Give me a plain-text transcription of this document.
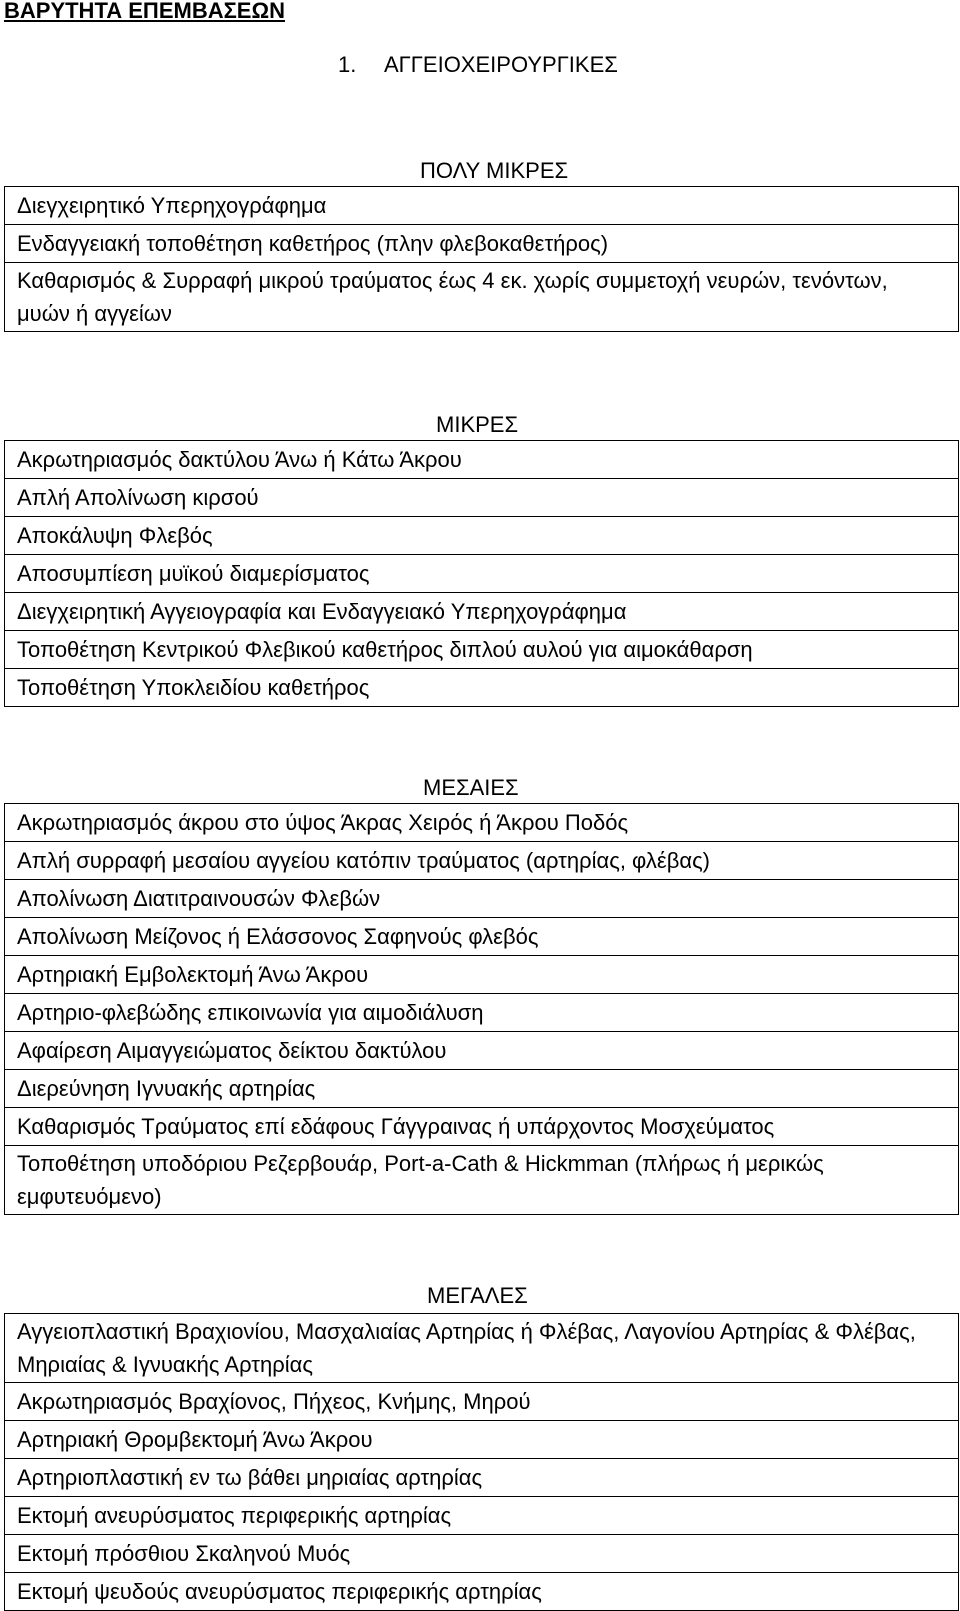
ΒΑΡΥΤΗΤΑ ΕΠΕΜΒΑΣΕΩΝ
1. ΑΓΓΕΙΟΧΕΙΡΟΥΡΓΙΚΕΣ
ΠΟΛΥ ΜΙΚΡΕΣ
Διεγχειρητικό Υπερηχογράφημα
Ενδαγγειακή τοποθέτηση καθετήρος (πλην φλεβοκαθετήρος)
Καθαρισμός & Συρραφή μικρού τραύματος έως 4 εκ. χωρίς συμμετοχή νευρών, τενόντων, μυών ή αγγείων
ΜΙΚΡΕΣ
Ακρωτηριασμός δακτύλου Άνω ή Κάτω Άκρου
Απλή Απολίνωση κιρσού
Αποκάλυψη Φλεβός
Αποσυμπίεση μυϊκού διαμερίσματος
Διεγχειρητική Αγγειογραφία και Ενδαγγειακό Υπερηχογράφημα
Τοποθέτηση Κεντρικού Φλεβικού καθετήρος διπλού αυλού για αιμοκάθαρση
Τοποθέτηση Υποκλειδίου καθετήρος
ΜΕΣΑΙΕΣ
Ακρωτηριασμός άκρου στο ύψος Άκρας Χειρός ή Άκρου Ποδός
Απλή συρραφή μεσαίου αγγείου κατόπιν τραύματος (αρτηρίας, φλέβας)
Απολίνωση Διατιτραινουσών Φλεβών
Απολίνωση Μείζονος ή Ελάσσονος Σαφηνούς φλεβός
Αρτηριακή Εμβολεκτομή Άνω Άκρου
Αρτηριο-φλεβώδης επικοινωνία για αιμοδιάλυση
Αφαίρεση Αιμαγγειώματος δείκτου δακτύλου
Διερεύνηση Ιγνυακής αρτηρίας
Καθαρισμός Τραύματος επί εδάφους Γάγγραινας ή υπάρχοντος Μοσχεύματος
Τοποθέτηση υποδόριου Ρεζερβουάρ, Port-a-Cath & Hickmman (πλήρως ή μερικώς εμφυτευόμενο)
ΜΕΓΑΛΕΣ
Αγγειοπλαστική Βραχιονίου, Μασχαλιαίας Αρτηρίας ή Φλέβας, Λαγονίου Αρτηρίας & Φλέβας, Μηριαίας & Ιγνυακής Αρτηρίας
Ακρωτηριασμός Βραχίονος, Πήχεος, Κνήμης, Μηρού
Αρτηριακή Θρομβεκτομή Άνω Άκρου
Αρτηριοπλαστική εν τω βάθει μηριαίας αρτηρίας
Εκτομή ανευρύσματος περιφερικής αρτηρίας
Εκτομή πρόσθιου Σκαληνού Μυός
Εκτομή ψευδούς ανευρύσματος περιφερικής αρτηρίας
